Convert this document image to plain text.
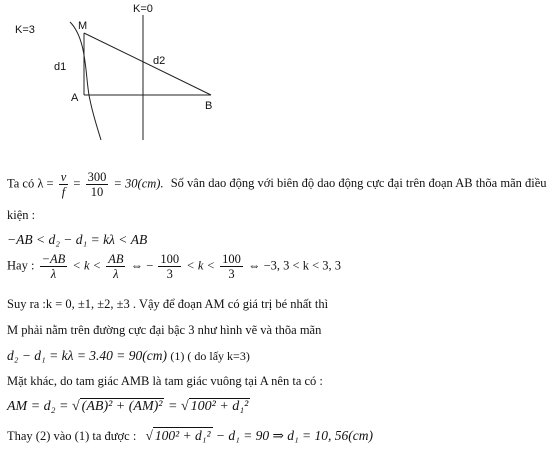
K=3
K=0
M
d1	d2
A
B
Ta có $\lambda = \frac{v}{f} = \frac{300}{10} = 30(cm)$. Số vân dao động với biên độ dao động cực đại trên đoạn AB thõa mãn điều
kiện :
−AB < d₂ − d₁ = kλ < AB
Hay : $\frac{-AB}{\lambda} < k < \frac{AB}{\lambda}$ ⇔ − $\frac{100}{3} < k < \frac{100}{3}$ ⇔ −3, 3 < k < 3, 3
Suy ra :k = 0, ±1, ±2, ±3 . Vậy để đoạn AM có giá trị bé nhất thì
M phải nằm trên đường cực đại bậc 3 như hình vẽ và thõa mãn
d₂ − d₁ = kλ = 3.40 = 90(cm) (1) ( do lấy k=3)
Mặt khác, do tam giác AMB là tam giác vuông tại A nên ta có :
AM = d₂ = √ (AB)² + (AM)² = √ 100² + d₁²
Thay (2) vào (1) ta được : √ 100² + d₁² − d₁ = 90 ⇒ d₁ = 10, 56(cm)
